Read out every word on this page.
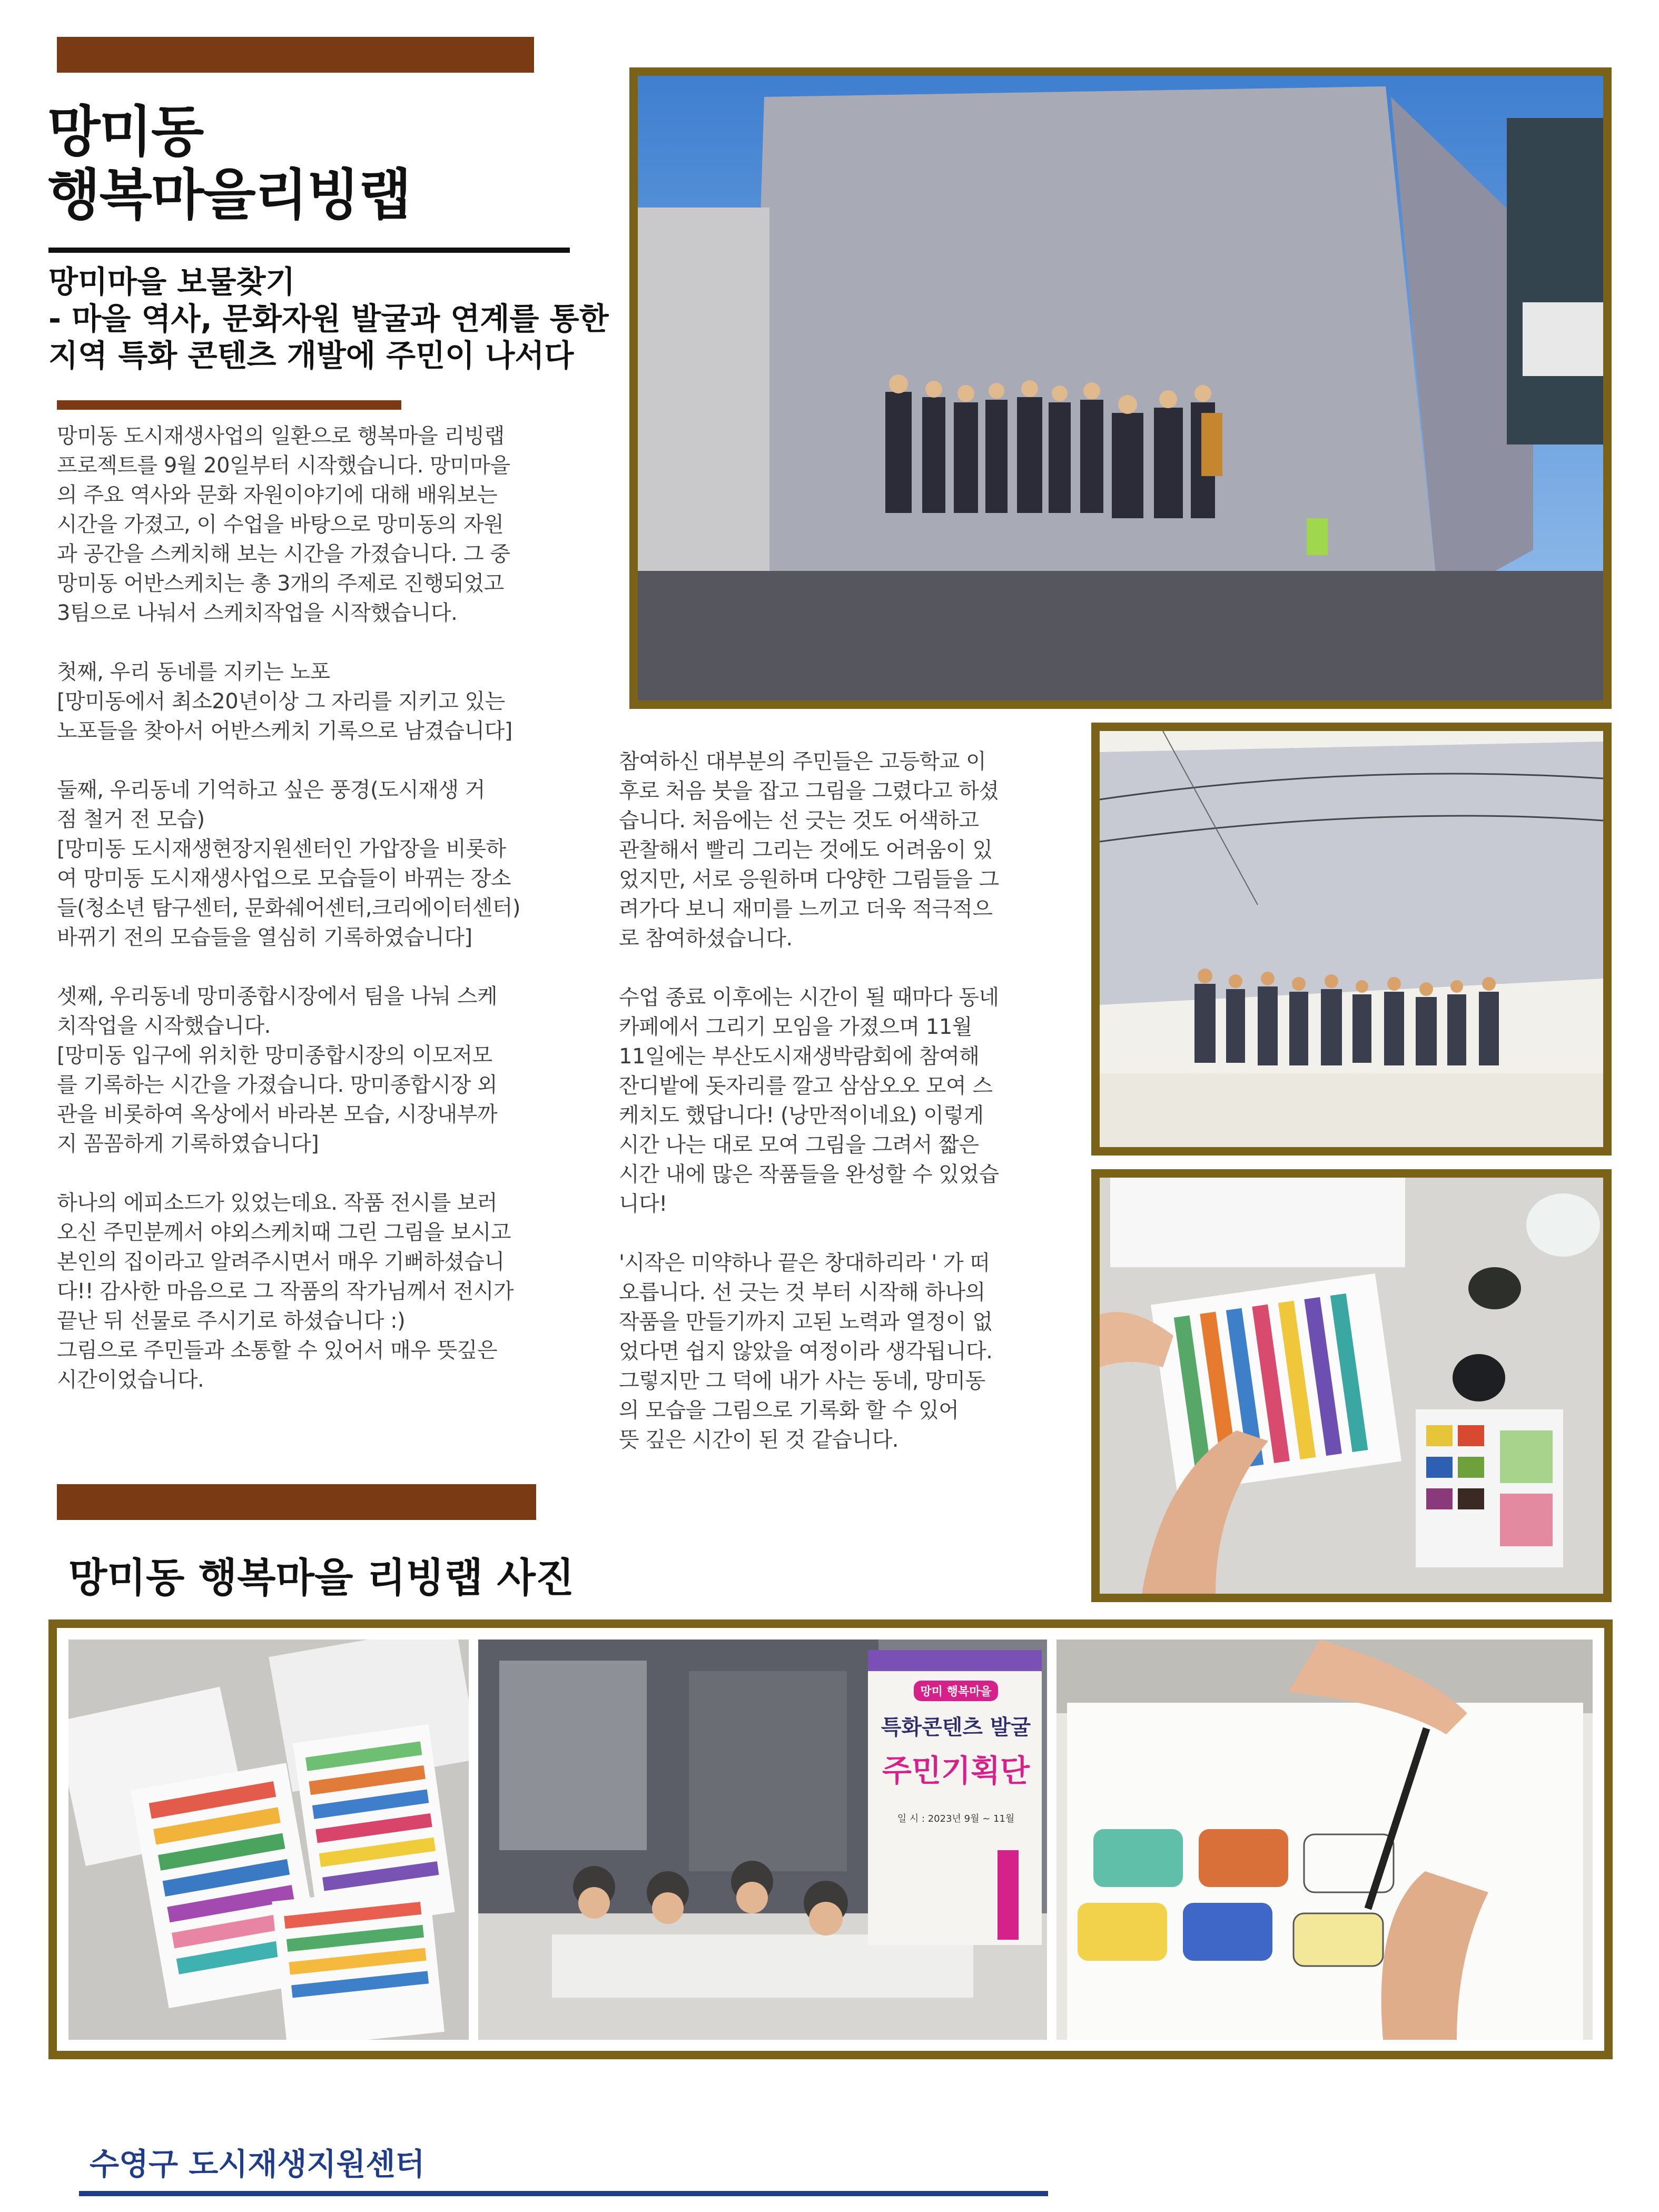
망미동
행복마을리빙랩
망미마을 보물찾기
- 마을 역사, 문화자원 발굴과 연계를 통한
지역 특화 콘텐츠 개발에 주민이 나서다
망미동 도시재생사업의 일환으로 행복마을 리빙랩
프로젝트를 9월 20일부터 시작했습니다. 망미마을
의 주요 역사와 문화 자원이야기에 대해 배워보는
시간을 가졌고, 이 수업을 바탕으로 망미동의 자원
과 공간을 스케치해 보는 시간을 가졌습니다. 그 중
망미동 어반스케치는 총 3개의 주제로 진행되었고
3팀으로 나눠서 스케치작업을 시작했습니다.

첫째, 우리 동네를 지키는 노포
[망미동에서 최소20년이상 그 자리를 지키고 있는
노포들을 찾아서 어반스케치 기록으로 남겼습니다]

둘째, 우리동네 기억하고 싶은 풍경(도시재생 거
점 철거 전 모습)
[망미동 도시재생현장지원센터인 가압장을 비롯하
여 망미동 도시재생사업으로 모습들이 바뀌는 장소
들(청소년 탐구센터, 문화쉐어센터,크리에이터센터)
바뀌기 전의 모습들을 열심히 기록하였습니다]

셋째, 우리동네 망미종합시장에서 팀을 나눠 스케
치작업을 시작했습니다.
[망미동 입구에 위치한 망미종합시장의 이모저모
를 기록하는 시간을 가졌습니다. 망미종합시장 외
관을 비롯하여 옥상에서 바라본 모습, 시장내부까
지 꼼꼼하게 기록하였습니다]

하나의 에피소드가 있었는데요. 작품 전시를 보러
오신 주민분께서 야외스케치때 그린 그림을 보시고
본인의 집이라고 알려주시면서 매우 기뻐하셨습니
다!! 감사한 마음으로 그 작품의 작가님께서 전시가
끝난 뒤 선물로 주시기로 하셨습니다 :)
그림으로 주민들과 소통할 수 있어서 매우 뜻깊은
시간이었습니다.
참여하신 대부분의 주민들은 고등학교 이
후로 처음 붓을 잡고 그림을 그렸다고 하셨
습니다. 처음에는 선 긋는 것도 어색하고
관찰해서 빨리 그리는 것에도 어려움이 있
었지만, 서로 응원하며 다양한 그림들을 그
려가다 보니 재미를 느끼고 더욱 적극적으
로 참여하셨습니다.

수업 종료 이후에는 시간이 될 때마다 동네
카페에서 그리기 모임을 가졌으며 11월
11일에는 부산도시재생박람회에 참여해
잔디밭에 돗자리를 깔고 삼삼오오 모여 스
케치도 했답니다! (낭만적이네요) 이렇게
시간 나는 대로 모여 그림을 그려서 짧은
시간 내에 많은 작품들을 완성할 수 있었습
니다!

'시작은 미약하나 끝은 창대하리라 ' 가 떠
오릅니다. 선 긋는 것 부터 시작해 하나의
작품을 만들기까지 고된 노력과 열정이 없
었다면 쉽지 않았을 여정이라 생각됩니다.
그렇지만 그 덕에 내가 사는 동네, 망미동
의 모습을 그림으로 기록화 할 수 있어
뜻 깊은 시간이 된 것 같습니다.
망미동 행복마을 리빙랩 사진
망미 행복마을
특화콘텐츠 발굴
주민기획단
일 시 : 2023년 9월 ~ 11월
수영구 도시재생지원센터
